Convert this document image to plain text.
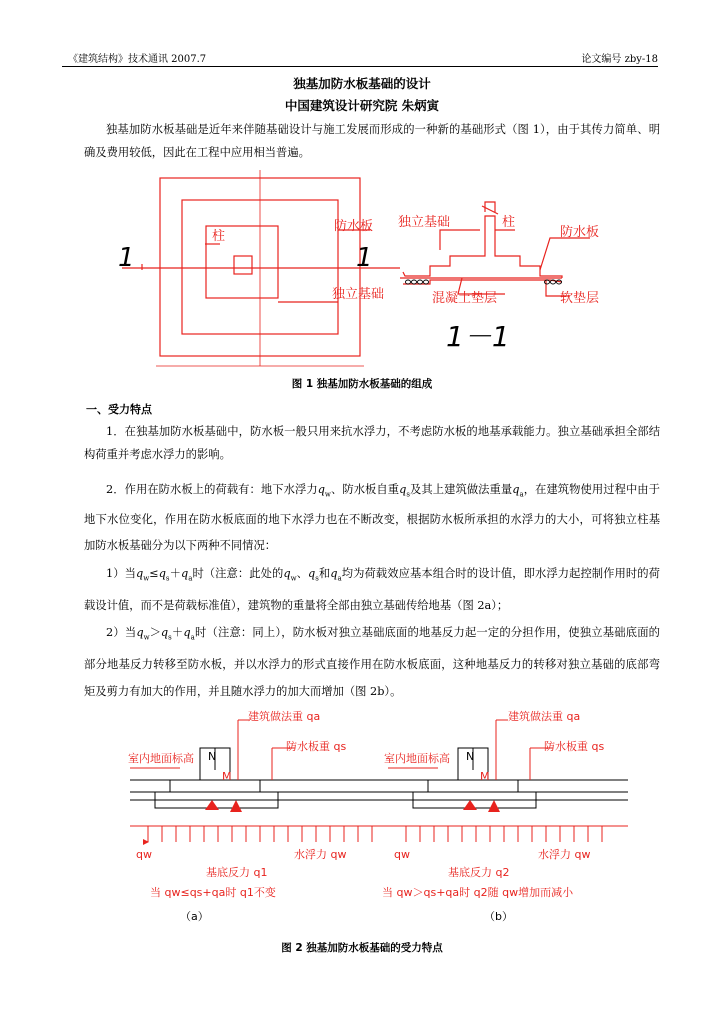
《建筑结构》技术通讯 2007.7	论文编号 zby-18
独基加防水板基础的设计
中国建筑设计研究院 朱炳寅
独基加防水板基础是近年来伴随基础设计与施工发展而形成的一种新的基础形式（图 1），由于其传力简单、明确及费用较低，因此在工程中应用相当普遍。
柱
防水板
独立基础
1	1
1－1
独立基础	柱
防水板
混凝土垫层	软垫层
图 1 独基加防水板基础的组成
一、受力特点
1．在独基加防水板基础中，防水板一般只用来抗水浮力，不考虑防水板的地基承载能力。独立基础承担全部结构荷重并考虑水浮力的影响。
2．作用在防水板上的荷载有：地下水浮力$q_w$、防水板自重$q_s$及其上建筑做法重量$q_a$，在建筑物使用过程中由于地下水位变化，作用在防水板底面的地下水浮力也在不断改变，根据防水板所承担的水浮力的大小，可将独立柱基加防水板基础分为以下两种不同情况：
1）当$q_w\le q_s+q_a$时（注意：此处的$q_w$、$q_s$和$q_a$均为荷载效应基本组合时的设计值，即水浮力起控制作用时的荷载设计值，而不是荷载标准值），建筑物的重量将全部由独立基础传给地基（图 2a）；
2）当$q_w>q_s+q_a$时（注意：同上），防水板对独立基础底面的地基反力起一定的分担作用，使独立基础底面的部分地基反力转移至防水板，并以水浮力的形式直接作用在防水板底面，这种地基反力的转移对独立基础的底部弯矩及剪力有加大的作用，并且随水浮力的加大而增加（图 2b）。
建筑做法重 qa
防水板重 qs
室内地面标高
M
qw	水浮力 qw
基底反力 q1
当 qw≤qs+qa时 q1不变
N
（a）
建筑做法重 qa
防水板重 qs
室内地面标高
M
qw	水浮力 qw
基底反力 q2
当 qw＞qs+qa时 q2随 qw增加而减小
N
（b）
图 2 独基加防水板基础的受力特点
